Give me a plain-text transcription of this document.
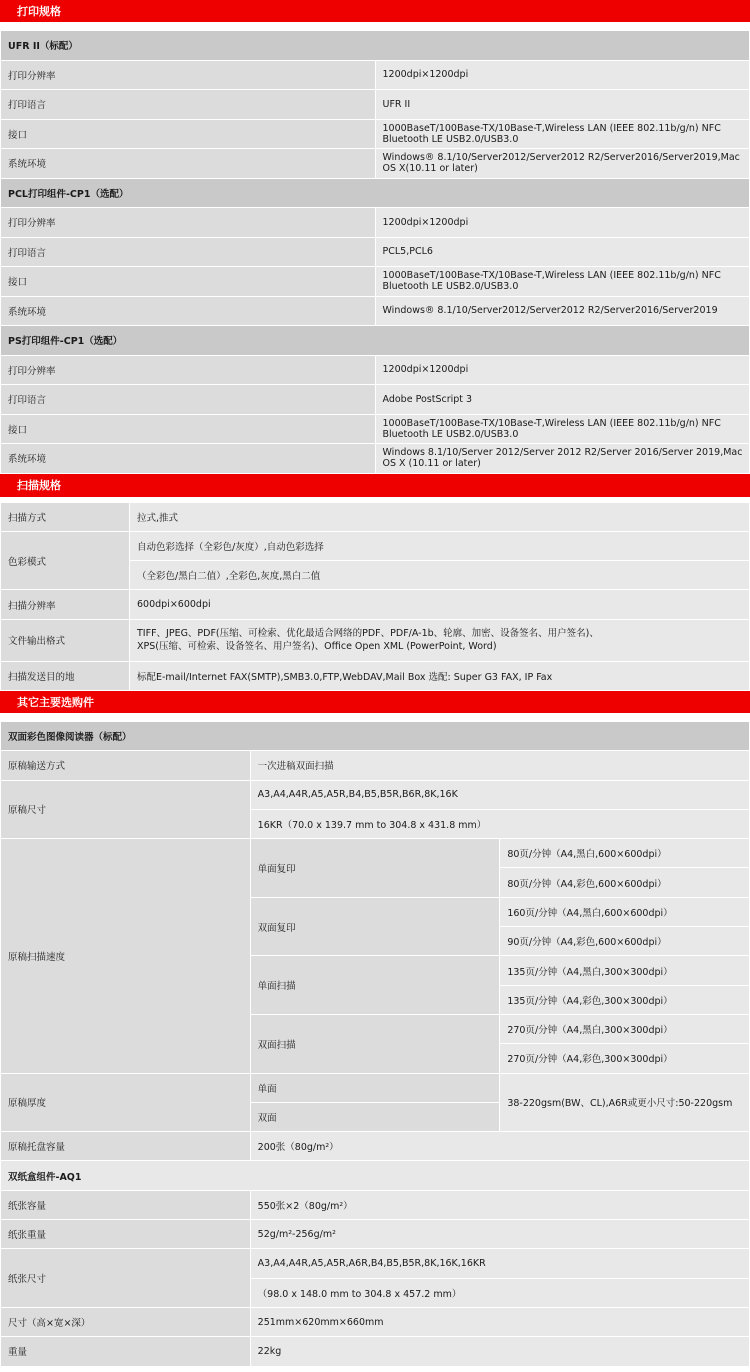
打印规格
UFR II（标配）	
打印分辨率	1200dpi×1200dpi
打印语言	UFR II
接口	1000BaseT/100Base-TX/10Base-T,Wireless LAN (IEEE 802.11b/g/n) NFC Bluetooth LE USB2.0/USB3.0
系统环境	Windows® 8.1/10/Server2012/Server2012 R2/Server2016/Server2019,Mac OS X(10.11 or later)
PCL打印组件-CP1（选配）	
打印分辨率	1200dpi×1200dpi
打印语言	PCL5,PCL6
接口	1000BaseT/100Base-TX/10Base-T,Wireless LAN (IEEE 802.11b/g/n) NFC Bluetooth LE USB2.0/USB3.0
系统环境	Windows® 8.1/10/Server2012/Server2012 R2/Server2016/Server2019
PS打印组件-CP1（选配）	
打印分辨率	1200dpi×1200dpi
打印语言	Adobe PostScript 3
接口	1000BaseT/100Base-TX/10Base-T,Wireless LAN (IEEE 802.11b/g/n) NFC Bluetooth LE USB2.0/USB3.0
系统环境	Windows 8.1/10/Server 2012/Server 2012 R2/Server 2016/Server 2019,Mac OS X (10.11 or later)
扫描规格
扫描方式	拉式,推式
色彩模式	自动色彩选择（全彩色/灰度）,自动色彩选择
	（全彩色/黑白二值）,全彩色,灰度,黑白二值
扫描分辨率	600dpi×600dpi
文件输出格式	TIFF、JPEG、PDF(压缩、可检索、优化最适合网络的PDF、PDF/A-1b、轮廓、加密、设备签名、用户签名)、
XPS(压缩、可检索、设备签名、用户签名)、Office Open XML (PowerPoint, Word)

扫描发送目的地	标配E-mail/Internet FAX(SMTP),SMB3.0,FTP,WebDAV,Mail Box 选配: Super G3 FAX, IP Fax
其它主要选购件
双面彩色图像阅读器（标配）		
原稿输送方式	一次进稿双面扫描	
原稿尺寸	A3,A4,A4R,A5,A5R,B4,B5,B5R,B6R,8K,16K	
	16KR（70.0 x 139.7 mm to 304.8 x 431.8 mm）	
原稿扫描速度	单面复印	80页/分钟（A4,黑白,600×600dpi）
		80页/分钟（A4,彩色,600×600dpi）
	双面复印	160页/分钟（A4,黑白,600×600dpi）
		90页/分钟（A4,彩色,600×600dpi）
	单面扫描	135页/分钟（A4,黑白,300×300dpi）
		135页/分钟（A4,彩色,300×300dpi）
	双面扫描	270页/分钟（A4,黑白,300×300dpi）
		270页/分钟（A4,彩色,300×300dpi）
原稿厚度	单面	38-220gsm(BW、CL),A6R或更小尺寸:50-220gsm
	双面	
原稿托盘容量	200张（80g/m²）	
双纸盒组件-AQ1		
纸张容量	550张×2（80g/m²）	
纸张重量	52g/m²-256g/m²	
纸张尺寸	A3,A4,A4R,A5,A5R,A6R,B4,B5,B5R,8K,16K,16KR	
	（98.0 x 148.0 mm to 304.8 x 457.2 mm）	
尺寸（高×宽×深）	251mm×620mm×660mm	
重量	22kg	
